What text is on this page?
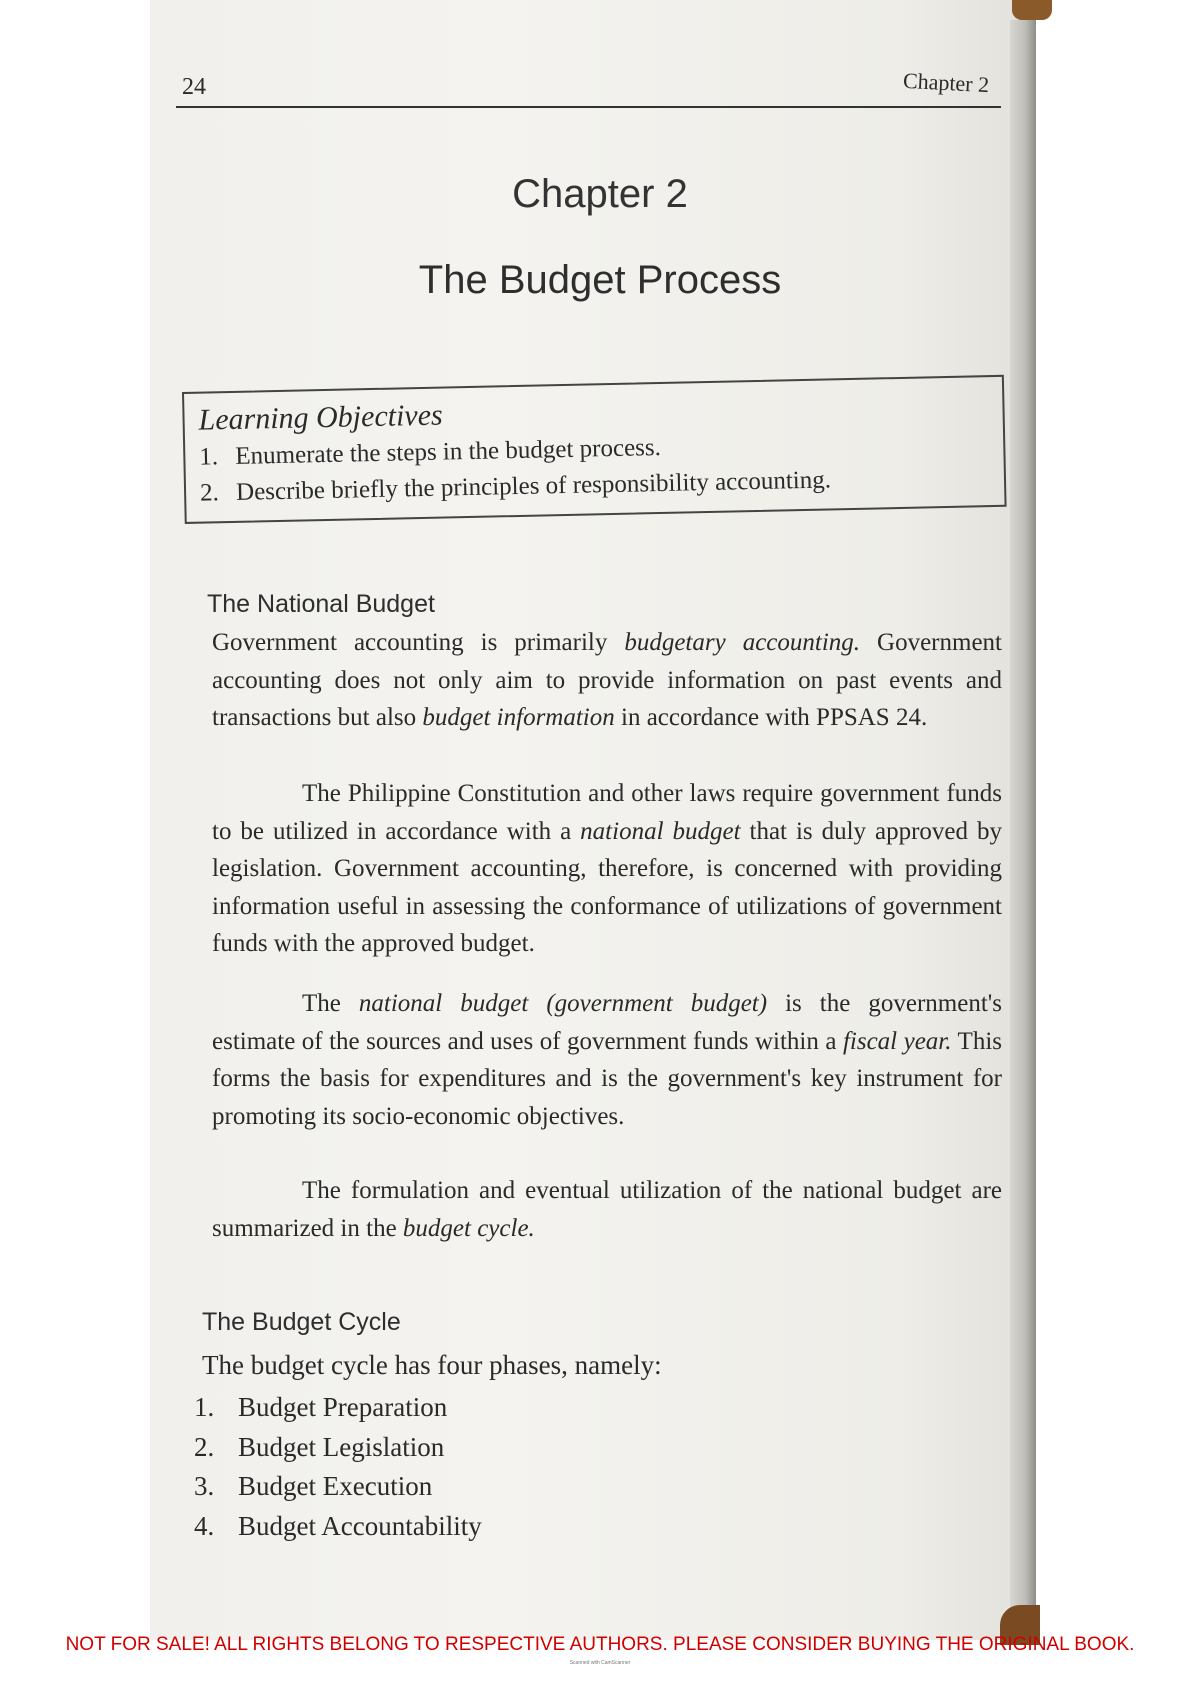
24	Chapter 2
Chapter 2
The Budget Process
Learning Objectives
1. Enumerate the steps in the budget process.
2. Describe briefly the principles of responsibility accounting.
The National Budget
Government accounting is primarily budgetary accounting. Government accounting does not only aim to provide information on past events and transactions but also budget information in accordance with PPSAS 24.
The Philippine Constitution and other laws require government funds to be utilized in accordance with a national budget that is duly approved by legislation. Government accounting, therefore, is concerned with providing information useful in assessing the conformance of utilizations of government funds with the approved budget.
The national budget (government budget) is the government's estimate of the sources and uses of government funds within a fiscal year. This forms the basis for expenditures and is the government's key instrument for promoting its socio-economic objectives.
The formulation and eventual utilization of the national budget are summarized in the budget cycle.
The Budget Cycle
The budget cycle has four phases, namely:
1. Budget Preparation
2. Budget Legislation
3. Budget Execution
4. Budget Accountability
NOT FOR SALE! ALL RIGHTS BELONG TO RESPECTIVE AUTHORS. PLEASE CONSIDER BUYING THE ORIGINAL BOOK.
Scanned with CamScanner
